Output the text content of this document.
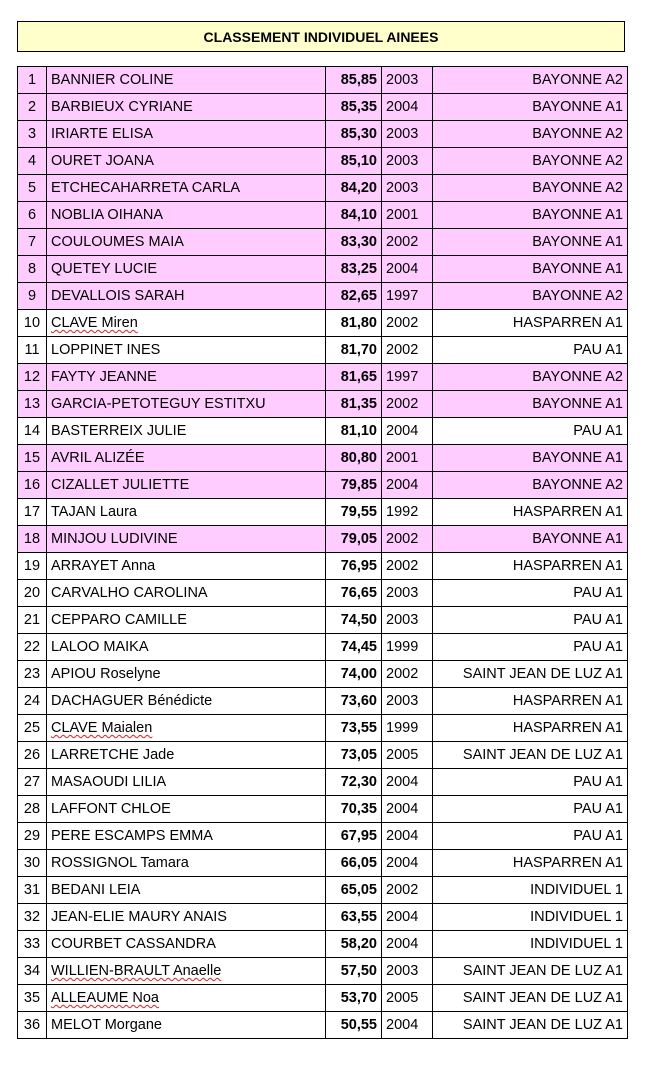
CLASSEMENT INDIVIDUEL AINEES
1	BANNIER COLINE	85,85	2003	BAYONNE A2
2	BARBIEUX CYRIANE	85,35	2004	BAYONNE A1
3	IRIARTE ELISA	85,30	2003	BAYONNE A2
4	OURET JOANA	85,10	2003	BAYONNE A2
5	ETCHECAHARRETA CARLA	84,20	2003	BAYONNE A2
6	NOBLIA OIHANA	84,10	2001	BAYONNE A1
7	COULOUMES MAIA	83,30	2002	BAYONNE A1
8	QUETEY LUCIE	83,25	2004	BAYONNE A1
9	DEVALLOIS SARAH	82,65	1997	BAYONNE A2
10	CLAVE Miren	81,80	2002	HASPARREN A1
11	LOPPINET INES	81,70	2002	PAU A1
12	FAYTY JEANNE	81,65	1997	BAYONNE A2
13	GARCIA-PETOTEGUY ESTITXU	81,35	2002	BAYONNE A1
14	BASTERREIX JULIE	81,10	2004	PAU A1
15	AVRIL ALIZÉE	80,80	2001	BAYONNE A1
16	CIZALLET JULIETTE	79,85	2004	BAYONNE A2
17	TAJAN Laura	79,55	1992	HASPARREN A1
18	MINJOU LUDIVINE	79,05	2002	BAYONNE A1
19	ARRAYET Anna	76,95	2002	HASPARREN A1
20	CARVALHO CAROLINA	76,65	2003	PAU A1
21	CEPPARO CAMILLE	74,50	2003	PAU A1
22	LALOO MAIKA	74,45	1999	PAU A1
23	APIOU Roselyne	74,00	2002	SAINT JEAN DE LUZ A1
24	DACHAGUER Bénédicte	73,60	2003	HASPARREN A1
25	CLAVE Maialen	73,55	1999	HASPARREN A1
26	LARRETCHE Jade	73,05	2005	SAINT JEAN DE LUZ A1
27	MASAOUDI LILIA	72,30	2004	PAU A1
28	LAFFONT CHLOE	70,35	2004	PAU A1
29	PERE ESCAMPS EMMA	67,95	2004	PAU A1
30	ROSSIGNOL Tamara	66,05	2004	HASPARREN A1
31	BEDANI LEIA	65,05	2002	INDIVIDUEL 1
32	JEAN-ELIE MAURY ANAIS	63,55	2004	INDIVIDUEL 1
33	COURBET CASSANDRA	58,20	2004	INDIVIDUEL 1
34	WILLIEN-BRAULT Anaelle	57,50	2003	SAINT JEAN DE LUZ A1
35	ALLEAUME Noa	53,70	2005	SAINT JEAN DE LUZ A1
36	MELOT Morgane	50,55	2004	SAINT JEAN DE LUZ A1
